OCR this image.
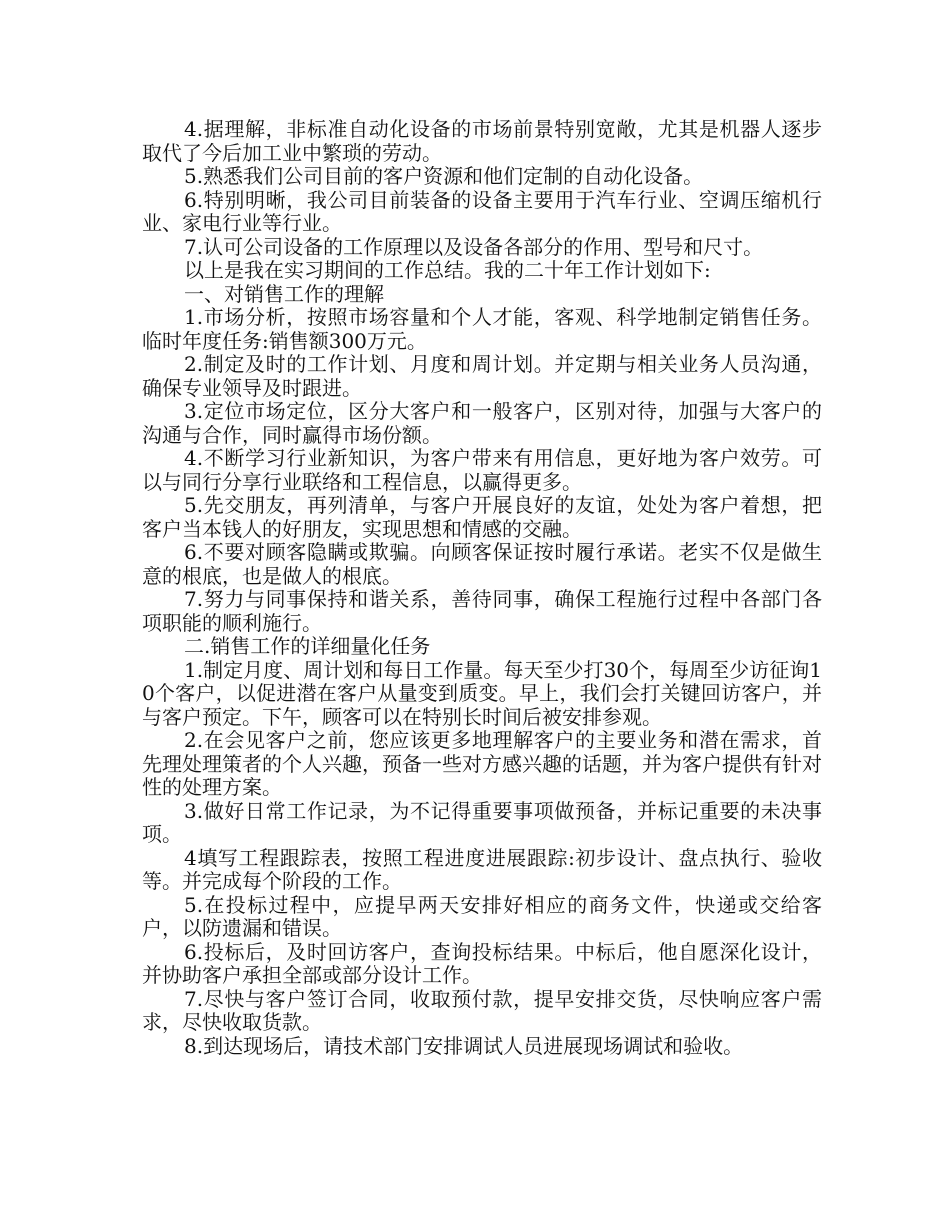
4.据理解，非标准自动化设备的市场前景特别宽敞，尤其是机器人逐步取代了今后加工业中繁琐的劳动。

5.熟悉我们公司目前的客户资源和他们定制的自动化设备。

6.特别明晰，我公司目前装备的设备主要用于汽车行业、空调压缩机行业、家电行业等行业。

7.认可公司设备的工作原理以及设备各部分的作用、型号和尺寸。

以上是我在实习期间的工作总结。我的二十年工作计划如下:

一、对销售工作的理解

1.市场分析，按照市场容量和个人才能，客观、科学地制定销售任务。临时年度任务:销售额300万元。

2.制定及时的工作计划、月度和周计划。并定期与相关业务人员沟通，确保专业领导及时跟进。

3.定位市场定位，区分大客户和一般客户，区别对待，加强与大客户的沟通与合作，同时赢得市场份额。

4.不断学习行业新知识，为客户带来有用信息，更好地为客户效劳。可以与同行分享行业联络和工程信息，以赢得更多。

5.先交朋友，再列清单，与客户开展良好的友谊，处处为客户着想，把客户当本钱人的好朋友，实现思想和情感的交融。

6.不要对顾客隐瞒或欺骗。向顾客保证按时履行承诺。老实不仅是做生意的根底，也是做人的根底。

7.努力与同事保持和谐关系，善待同事，确保工程施行过程中各部门各项职能的顺利施行。

二.销售工作的详细量化任务

1.制定月度、周计划和每日工作量。每天至少打30个，每周至少访征询10个客户，以促进潜在客户从量变到质变。早上，我们会打关键回访客户，并与客户预定。下午，顾客可以在特别长时间后被安排参观。

2.在会见客户之前，您应该更多地理解客户的主要业务和潜在需求，首先理处理策者的个人兴趣，预备一些对方感兴趣的话题，并为客户提供有针对性的处理方案。

3.做好日常工作记录，为不记得重要事项做预备，并标记重要的未决事项。

4填写工程跟踪表，按照工程进度进展跟踪:初步设计、盘点执行、验收等。并完成每个阶段的工作。

5.在投标过程中，应提早两天安排好相应的商务文件，快递或交给客户，以防遗漏和错误。

6.投标后，及时回访客户，查询投标结果。中标后，他自愿深化设计，并协助客户承担全部或部分设计工作。

7.尽快与客户签订合同，收取预付款，提早安排交货，尽快响应客户需求，尽快收取货款。

8.到达现场后，请技术部门安排调试人员进展现场调试和验收。
